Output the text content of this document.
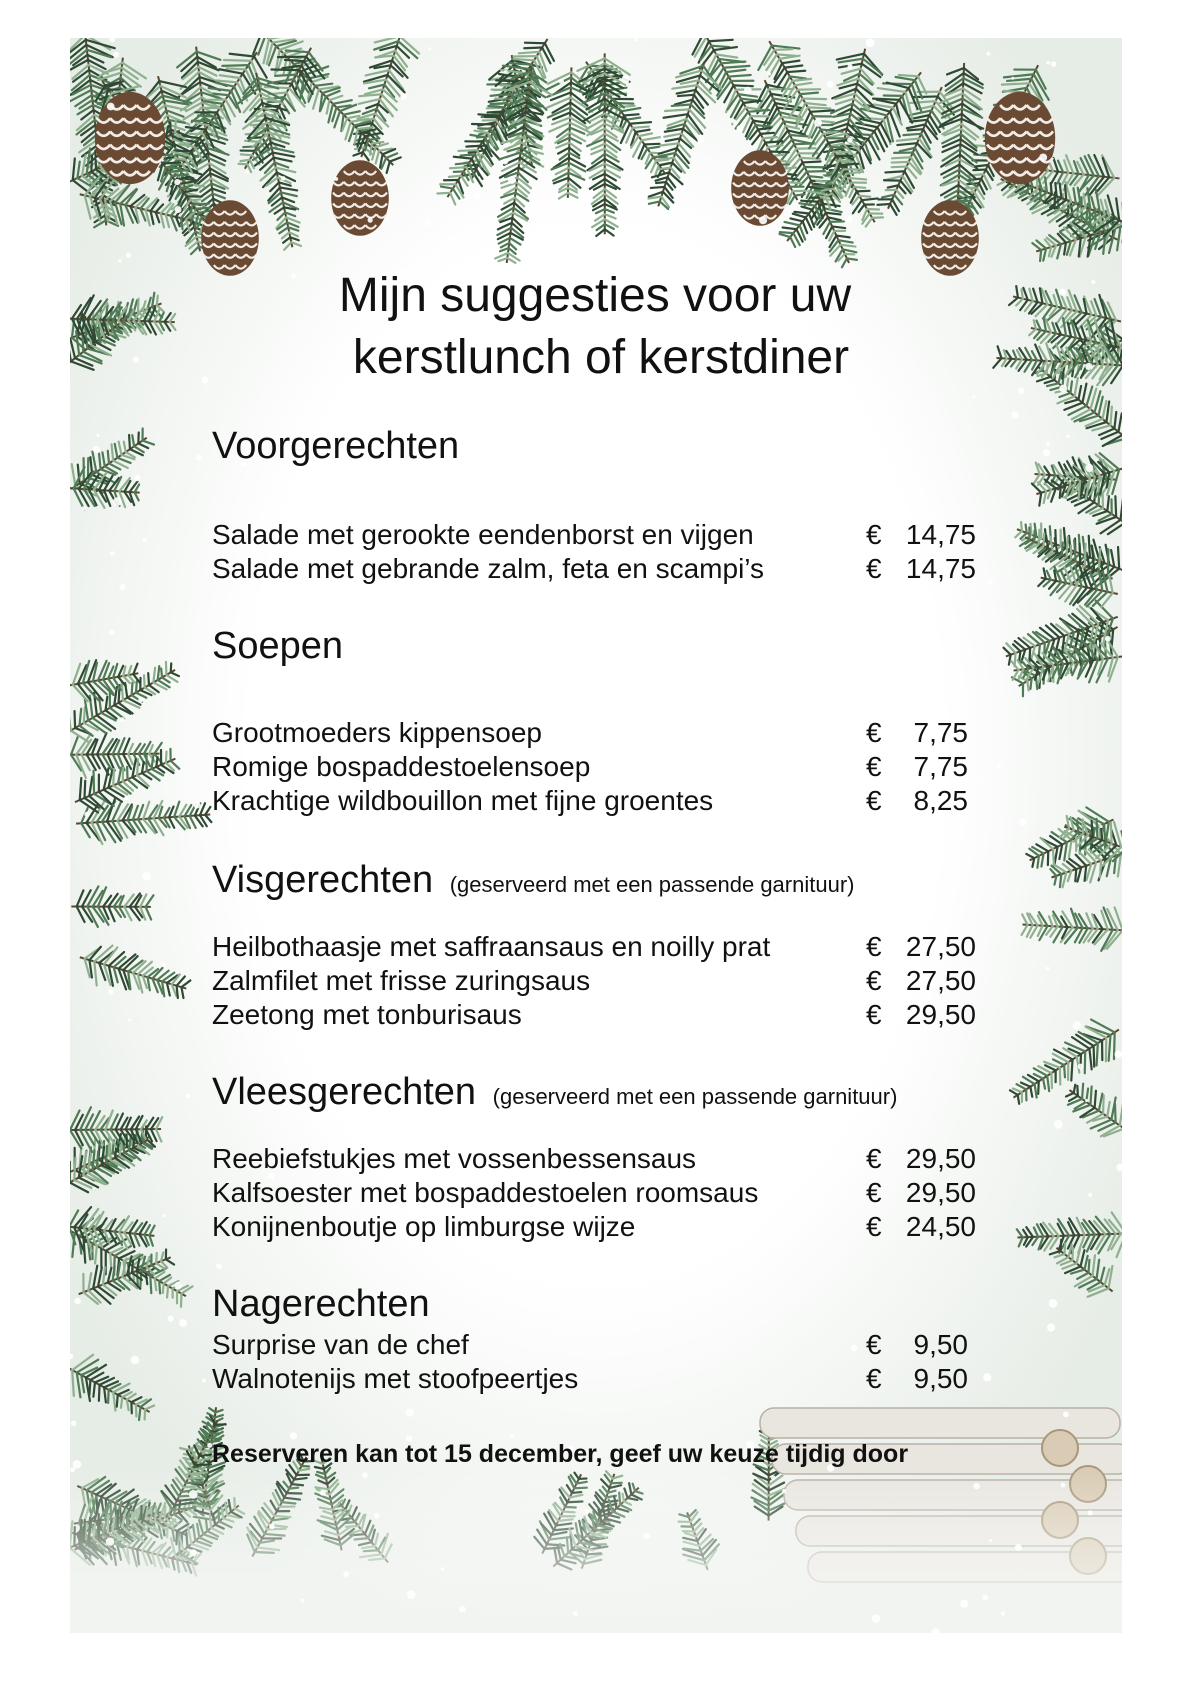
Mijn suggesties voor uw
kerstlunch of kerstdiner
Voorgerechten
Salade met gerookte eendenborst en vijgen	€ 14,75
Salade met gebrande zalm, feta en scampi’s	€ 14,75
Soepen
Grootmoeders kippensoep	€	7,75
Romige bospaddestoelensoep	€	7,75
Krachtige wildbouillon met fijne groentes	€	8,25
Visgerechten (geserveerd met een passende garnituur)
Heilbothaasje met saffraansaus en noilly prat	€ 27,50
Zalmfilet met frisse zuringsaus	€ 27,50
Zeetong met tonburisaus	€ 29,50
Vleesgerechten (geserveerd met een passende garnituur)
Reebiefstukjes met vossenbessensaus	€ 29,50
Kalfsoester met bospaddestoelen roomsaus	€ 29,50
Konijnenboutje op limburgse wijze	€ 24,50
Nagerechten
Surprise van de chef	€	9,50
Walnotenijs met stoofpeertjes	€	9,50
Reserveren kan tot 15 december, geef uw keuze tijdig door
